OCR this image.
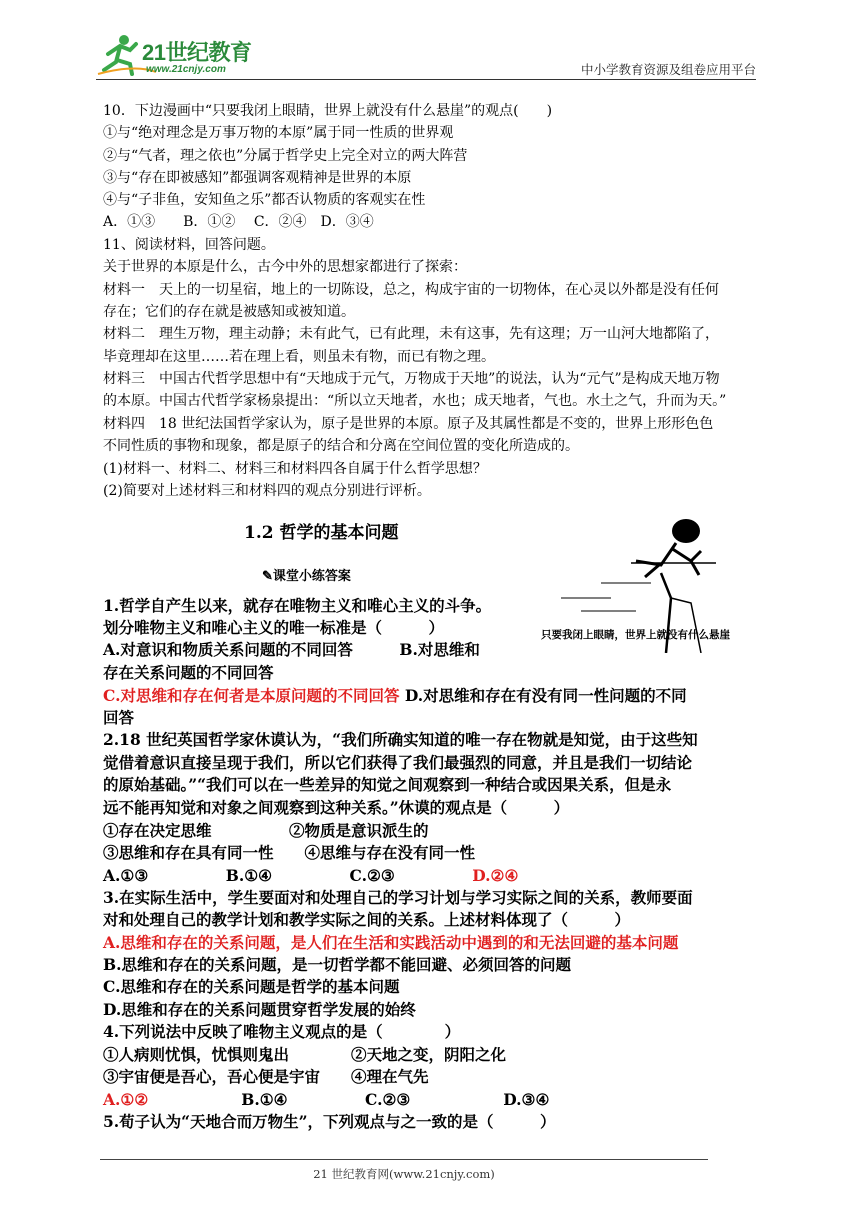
21世纪教育
www.21cnjy.com	中小学教育资源及组卷应用平台
10．下边漫画中“只要我闭上眼睛，世界上就没有什么悬崖”的观点(　　)
①与“绝对理念是万事万物的本原”属于同一性质的世界观
②与“气者，理之依也”分属于哲学史上完全对立的两大阵营
③与“存在即被感知”都强调客观精神是世界的本原
④与“子非鱼，安知鱼之乐”都否认物质的客观实在性
A．①③　　B．①②　 C．②④　D．③④
11、阅读材料，回答问题。
关于世界的本原是什么，古今中外的思想家都进行了探索：
材料一　天上的一切星宿，地上的一切陈设，总之，构成宇宙的一切物体，在心灵以外都是没有任何
存在；它们的存在就是被感知或被知道。
材料二　理生万物，理主动静；未有此气，已有此理，未有这事，先有这理；万一山河大地都陷了，
毕竟理却在这里……若在理上看，则虽未有物，而已有物之理。
材料三　中国古代哲学思想中有“天地成于元气，万物成于天地”的说法，认为“元气”是构成天地万物
的本原。中国古代哲学家杨泉提出：“所以立天地者，水也；成天地者，气也。水土之气，升而为天。”
材料四　18 世纪法国哲学家认为，原子是世界的本原。原子及其属性都是不变的，世界上形形色色
不同性质的事物和现象，都是原子的结合和分离在空间位置的变化所造成的。
(1)材料一、材料二、材料三和材料四各自属于什么哲学思想？
(2)简要对上述材料三和材料四的观点分别进行评析。
1.2 哲学的基本问题
✎课堂小练答案
只要我闭上眼睛，世界上就没有什么悬崖
1.哲学自产生以来，就存在唯物主义和唯心主义的斗争。
划分唯物主义和唯心主义的唯一标准是（　　　）
A.对意识和物质关系问题的不同回答　　　B.对思维和
存在关系问题的不同回答
C.对思维和存在何者是本原问题的不同回答 D.对思维和存在有没有同一性问题的不同
回答
2.18 世纪英国哲学家休谟认为，“我们所确实知道的唯一存在物就是知觉，由于这些知
觉借着意识直接呈现于我们，所以它们获得了我们最强烈的同意，并且是我们一切结论
的原始基础。”“我们可以在一些差异的知觉之间观察到一种结合或因果关系，但是永
远不能再知觉和对象之间观察到这种关系。”休谟的观点是（　　　）
①存在决定思维　　　　　②物质是意识派生的
③思维和存在具有同一性　　④思维与存在没有同一性
A.①③　　　　　B.①④　　　　　C.②③　　　　　D.②④
3.在实际生活中，学生要面对和处理自己的学习计划与学习实际之间的关系，教师要面
对和处理自己的教学计划和教学实际之间的关系。上述材料体现了（　　　）
A.思维和存在的关系问题，是人们在生活和实践活动中遇到的和无法回避的基本问题
B.思维和存在的关系问题，是一切哲学都不能回避、必须回答的问题
C.思维和存在的关系问题是哲学的基本问题
D.思维和存在的关系问题贯穿哲学发展的始终
4.下列说法中反映了唯物主义观点的是（　　　　）
①人病则忧惧，忧惧则鬼出　　　　②天地之变，阴阳之化
③宇宙便是吾心，吾心便是宇宙　　④理在气先
A.①②　　　　　　B.①④　　　　　C.②③　　　　　　D.③④
5.荀子认为“天地合而万物生”，下列观点与之一致的是（　　　）
21 世纪教育网(www.21cnjy.com)
